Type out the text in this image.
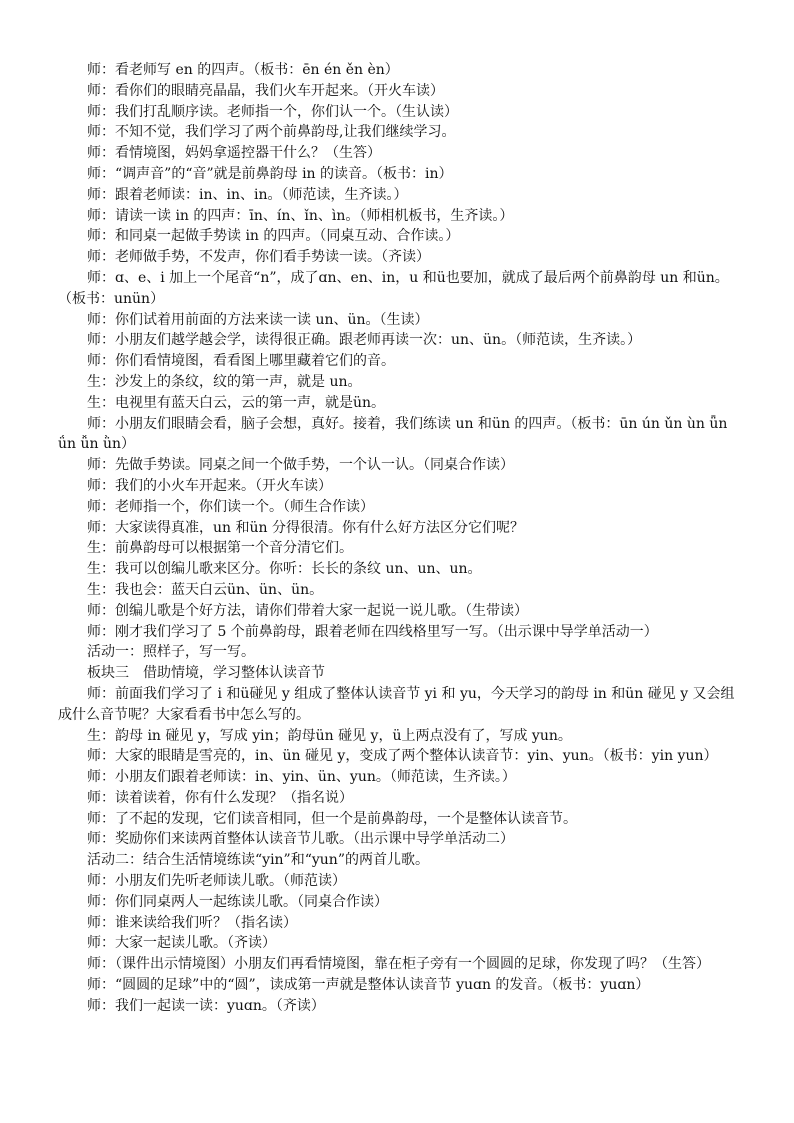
师：看老师写 en 的四声。（板书：ēn én ěn èn）
师：看你们的眼睛亮晶晶，我们火车开起来。（开火车读）
师：我们打乱顺序读。老师指一个，你们认一个。（生认读）
师：不知不觉，我们学习了两个前鼻韵母,让我们继续学习。
师：看情境图，妈妈拿遥控器干什么？（生答）
师：“调声音”的“音”就是前鼻韵母 in 的读音。（板书：in）
师：跟着老师读：in、in、in。（师范读，生齐读。）
师：请读一读 in 的四声：īn、ín、ǐn、ìn。（师相机板书，生齐读。）
师：和同桌一起做手势读 in 的四声。（同桌互动、合作读。）
师：老师做手势，不发声，你们看手势读一读。（齐读）
师：ɑ、e、i 加上一个尾音“n”，成了ɑn、en、in，u 和ü也要加，就成了最后两个前鼻韵母 un 和ün。（板书：unün）
师：你们试着用前面的方法来读一读 un、ün。（生读）
师：小朋友们越学越会学，读得很正确。跟老师再读一次：un、ün。（师范读，生齐读。）
师：你们看情境图，看看图上哪里藏着它们的音。
生：沙发上的条纹，纹的第一声，就是 un。
生：电视里有蓝天白云，云的第一声，就是ün。
师：小朋友们眼睛会看，脑子会想，真好。接着，我们练读 un 和ün 的四声。（板书：ūn ún ǔn ùn ǖn ǘn ǚn ǜn）
师：先做手势读。同桌之间一个做手势，一个认一认。（同桌合作读）
师：我们的小火车开起来。（开火车读）
师：老师指一个，你们读一个。（师生合作读）
师：大家读得真准，un 和ün 分得很清。你有什么好方法区分它们呢？
生：前鼻韵母可以根据第一个音分清它们。
生：我可以创编儿歌来区分。你听：长长的条纹 un、un、un。
生：我也会：蓝天白云ün、ün、ün。
师：创编儿歌是个好方法，请你们带着大家一起说一说儿歌。（生带读）
师：刚才我们学习了 5 个前鼻韵母，跟着老师在四线格里写一写。（出示课中导学单活动一）
活动一：照样子，写一写。
板块三　借助情境，学习整体认读音节
师：前面我们学习了 i 和ü碰见 y 组成了整体认读音节 yi 和 yu，今天学习的韵母 in 和ün 碰见 y 又会组成什么音节呢？大家看看书中怎么写的。
生：韵母 in 碰见 y，写成 yin；韵母ün 碰见 y，ü上两点没有了，写成 yun。
师：大家的眼睛是雪亮的，in、ün 碰见 y，变成了两个整体认读音节：yin、yun。（板书：yin yun）
师：小朋友们跟着老师读：in、yin、ün、yun。（师范读，生齐读。）
师：读着读着，你有什么发现？（指名说）
师：了不起的发现，它们读音相同，但一个是前鼻韵母，一个是整体认读音节。
师：奖励你们来读两首整体认读音节儿歌。（出示课中导学单活动二）
活动二：结合生活情境练读“yin”和“yun”的两首儿歌。
师：小朋友们先听老师读儿歌。（师范读）
师：你们同桌两人一起练读儿歌。（同桌合作读）
师：谁来读给我们听？（指名读）
师：大家一起读儿歌。（齐读）
师：（课件出示情境图）小朋友们再看情境图，靠在柜子旁有一个圆圆的足球，你发现了吗？（生答）
师：“圆圆的足球”中的“圆”，读成第一声就是整体认读音节 yuɑn 的发音。（板书：yuɑn）
师：我们一起读一读：yuɑn。（齐读）
